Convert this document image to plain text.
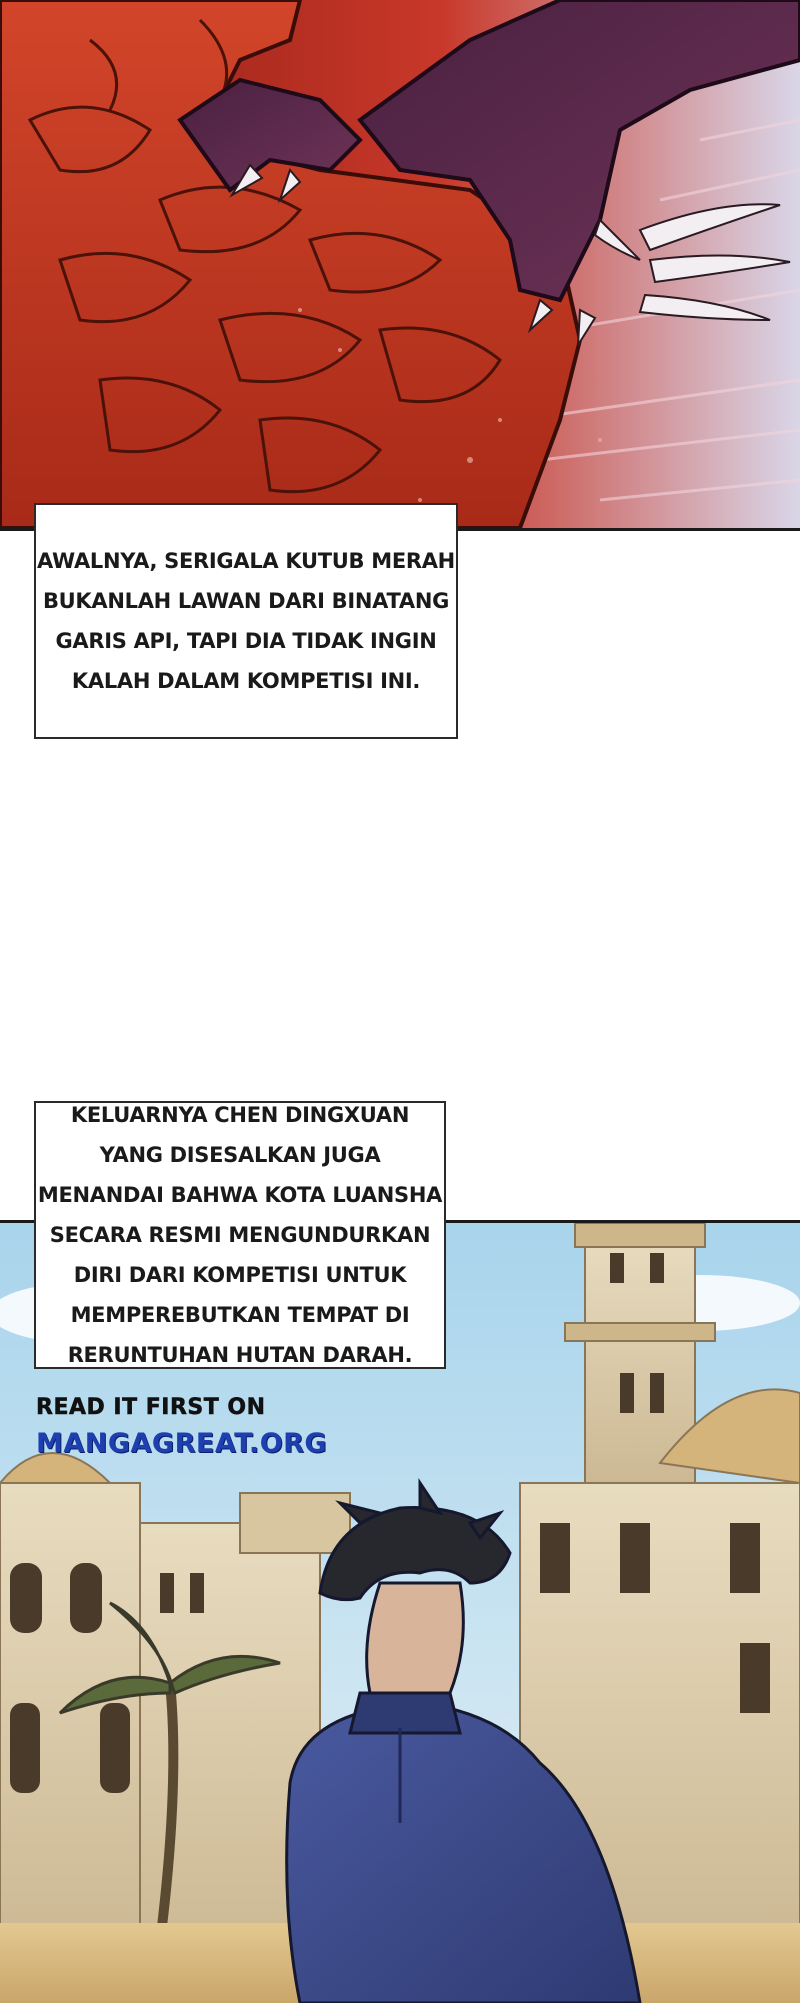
AWALNYA, SERIGALA KUTUB MERAH BUKANLAH LAWAN DARI BINATANG GARIS API, TAPI DIA TIDAK INGIN KALAH DALAM KOMPETISI INI.

KELUARNYA CHEN DINGXUAN YANG DISESALKAN JUGA MENANDAI BAHWA KOTA LUANSHA SECARA RESMI MENGUNDURKAN DIRI DARI KOMPETISI UNTUK MEMPEREBUTKAN TEMPAT DI RERUNTUHAN HUTAN DARAH.

READ IT FIRST ON
MANGAGREAT.ORG
